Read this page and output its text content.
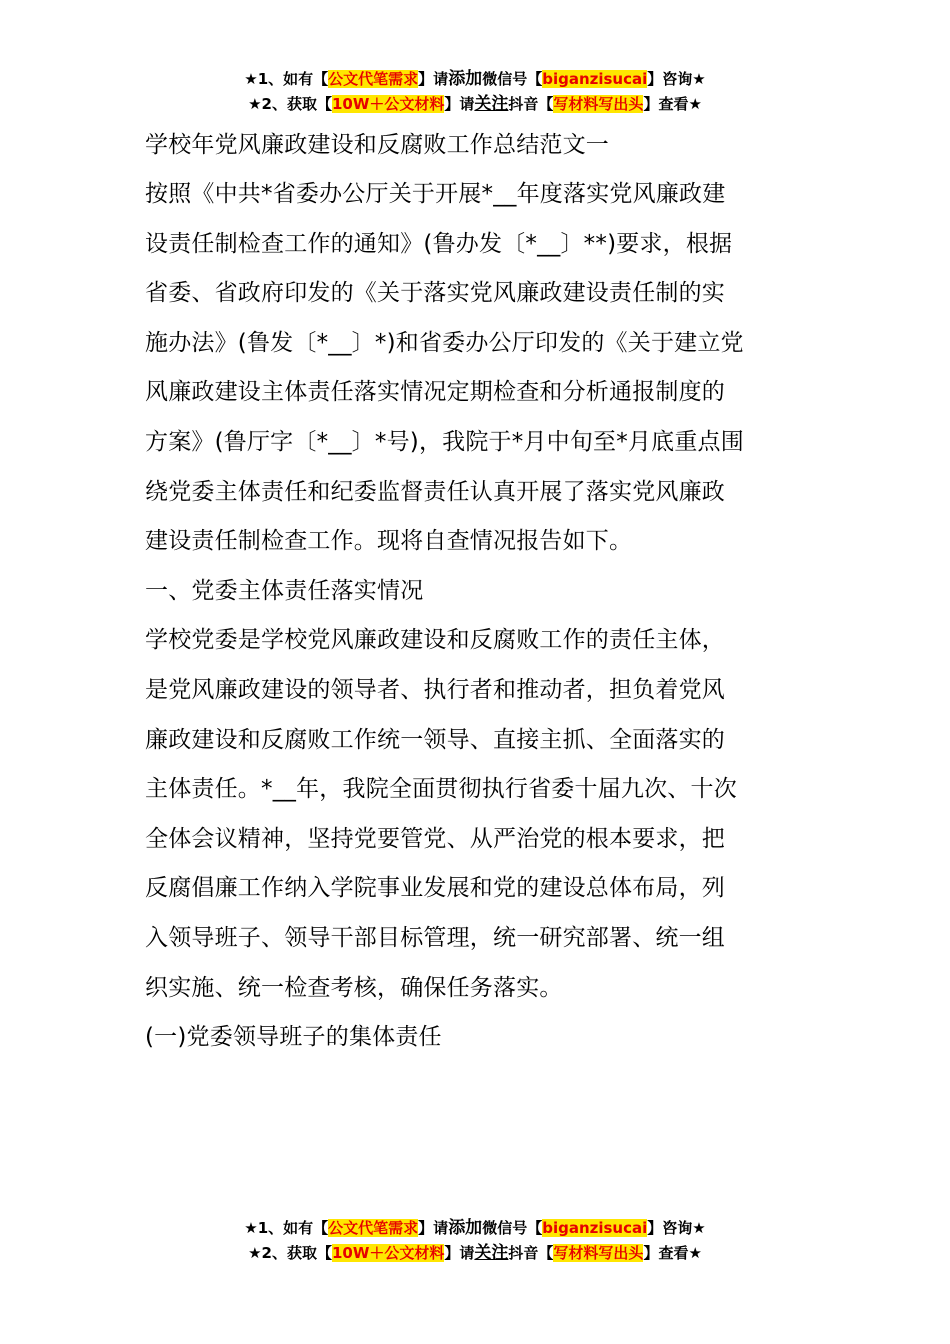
★1、如有【公文代笔需求】请添加微信号【biganzisucai】咨询★
★2、获取【10W＋公文材料】请关注抖音【写材料写出头】查看★

学校年党风廉政建设和反腐败工作总结范文一

按照《中共*省委办公厅关于开展*__年度落实党风廉政建
设责任制检查工作的通知》(鲁办发〔*__〕**)要求，根据
省委、省政府印发的《关于落实党风廉政建设责任制的实
施办法》(鲁发〔*__〕*)和省委办公厅印发的《关于建立党
风廉政建设主体责任落实情况定期检查和分析通报制度的
方案》(鲁厅字〔*__〕*号)，我院于*月中旬至*月底重点围
绕党委主体责任和纪委监督责任认真开展了落实党风廉政
建设责任制检查工作。现将自查情况报告如下。
一、党委主体责任落实情况
学校党委是学校党风廉政建设和反腐败工作的责任主体，
是党风廉政建设的领导者、执行者和推动者，担负着党风
廉政建设和反腐败工作统一领导、直接主抓、全面落实的
主体责任。*__年，我院全面贯彻执行省委十届九次、十次
全体会议精神，坚持党要管党、从严治党的根本要求，把
反腐倡廉工作纳入学院事业发展和党的建设总体布局，列
入领导班子、领导干部目标管理，统一研究部署、统一组
织实施、统一检查考核，确保任务落实。
(一)党委领导班子的集体责任
★1、如有【公文代笔需求】请添加微信号【biganzisucai】咨询★
★2、获取【10W＋公文材料】请关注抖音【写材料写出头】查看★
